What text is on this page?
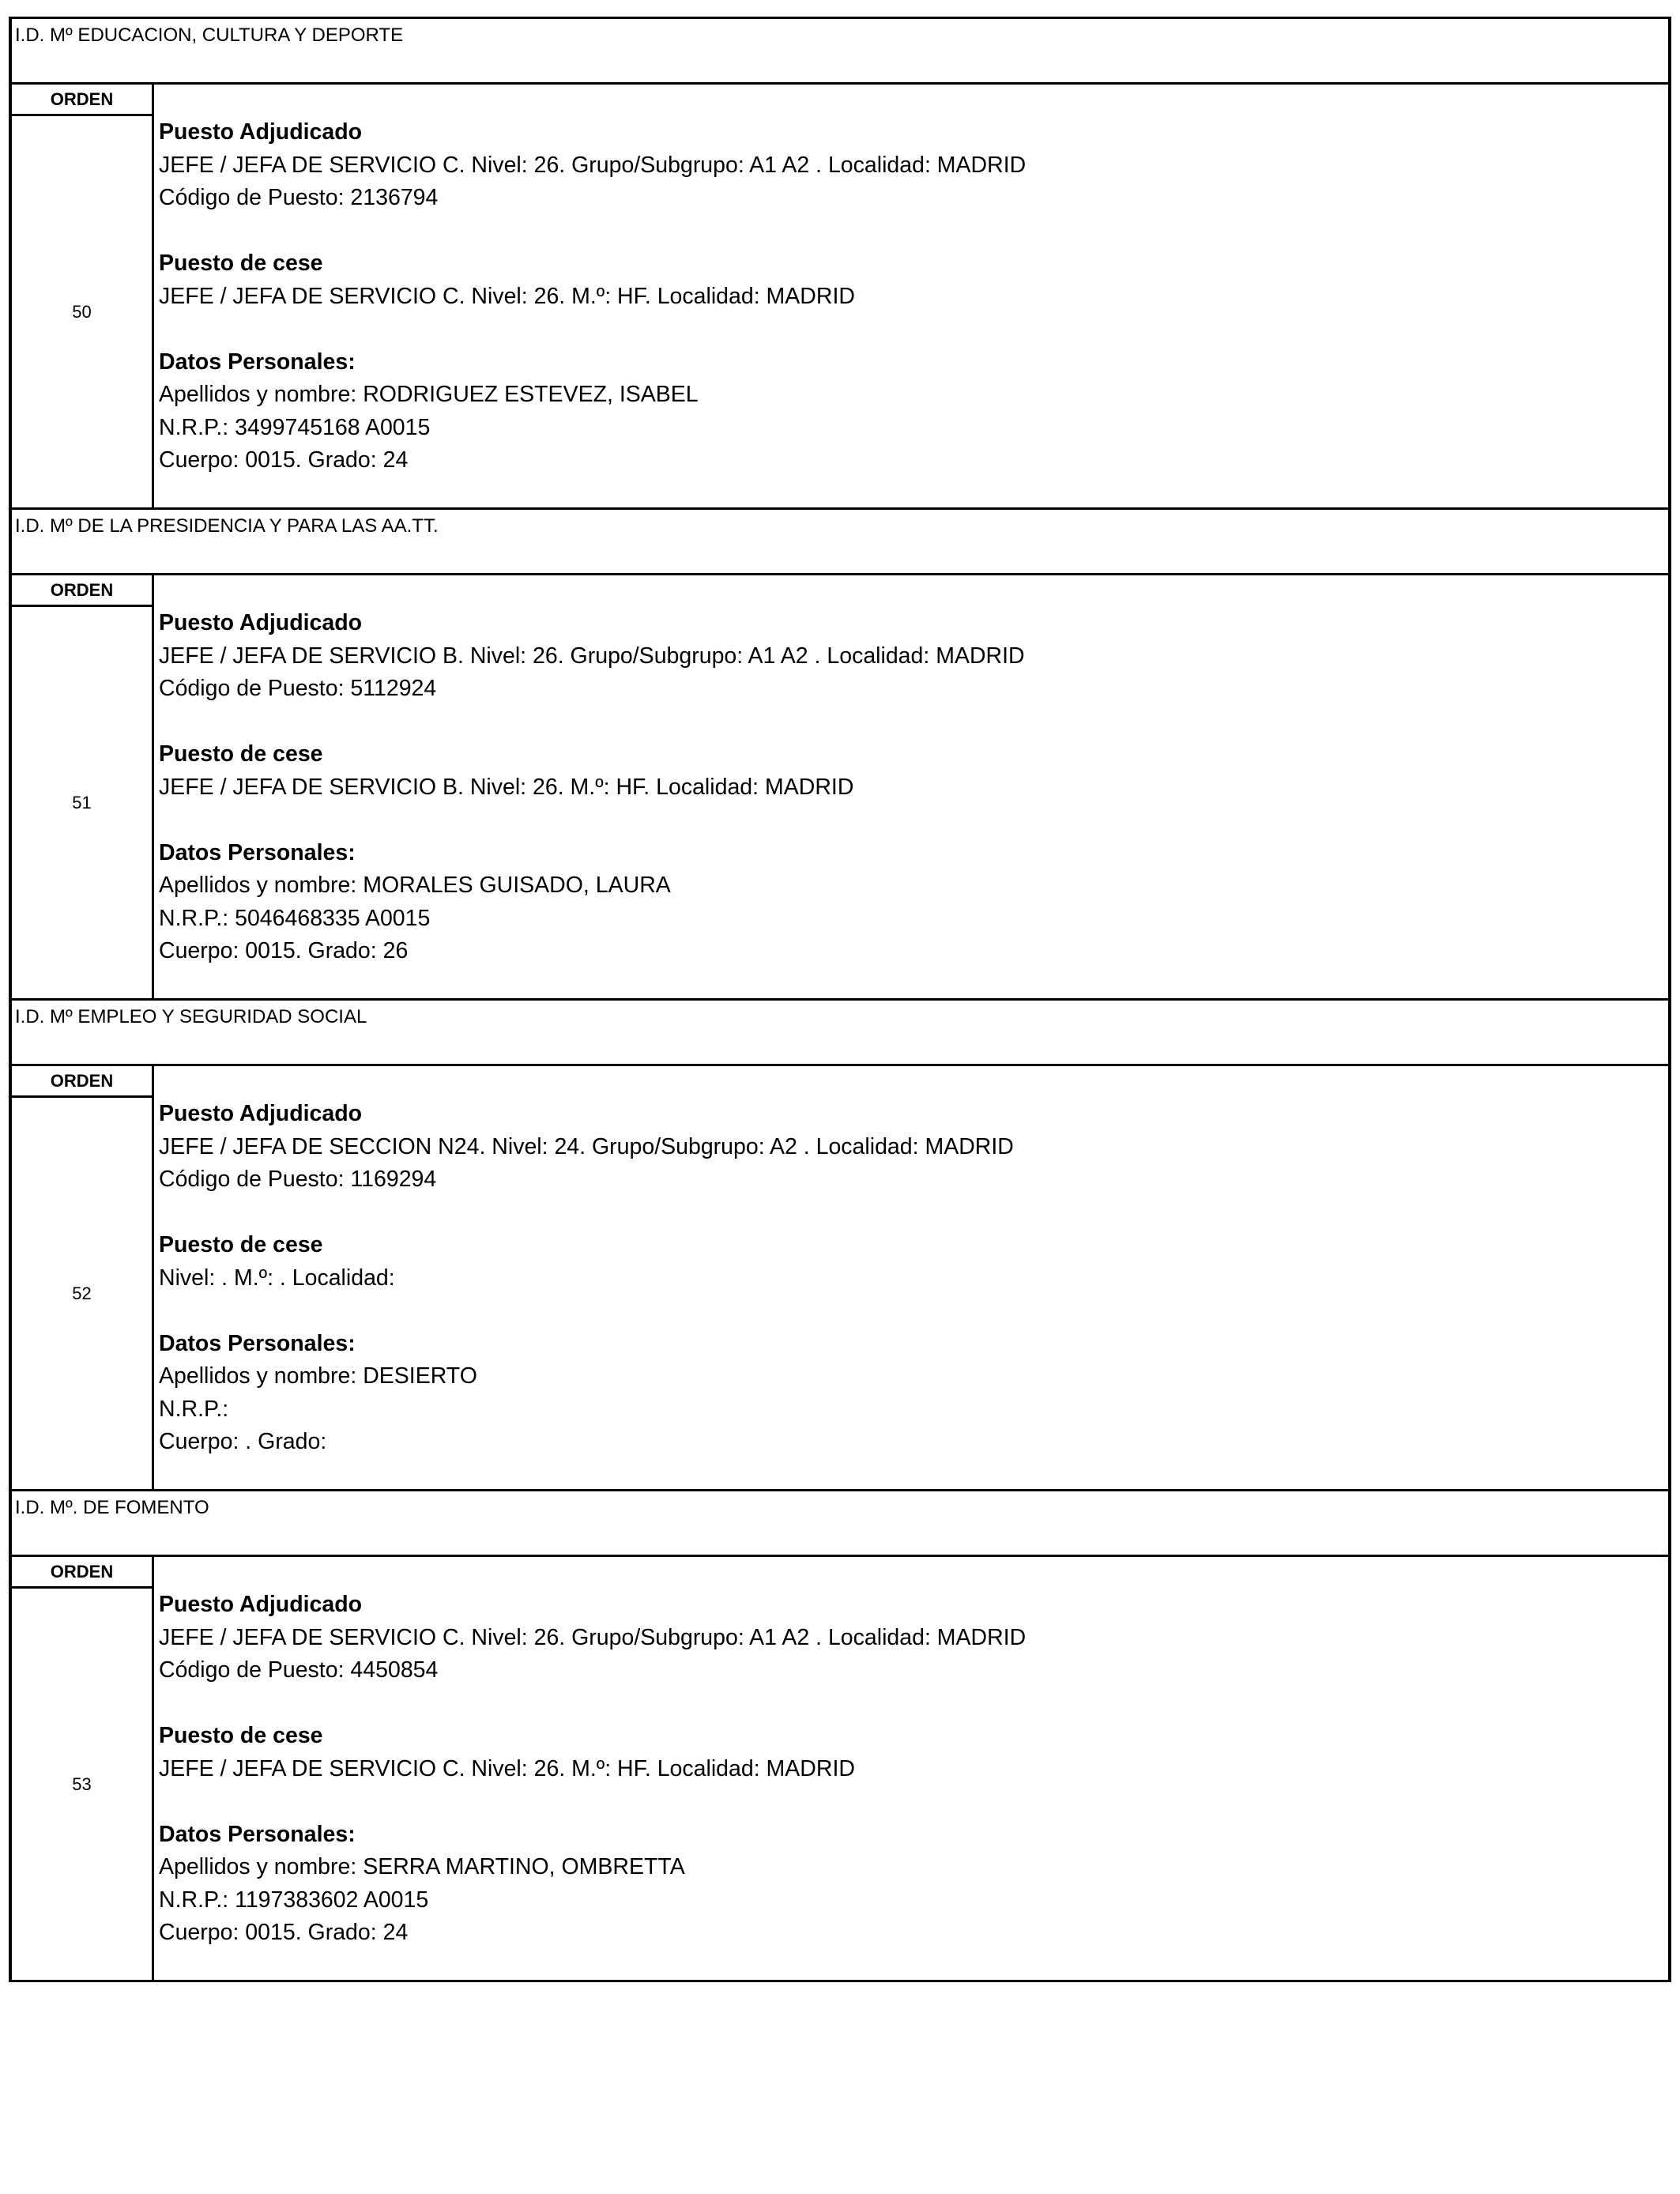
I.D. Mº EDUCACION, CULTURA Y DEPORTE
ORDEN
50
Puesto Adjudicado
JEFE / JEFA DE SERVICIO C. Nivel: 26. Grupo/Subgrupo: A1 A2 . Localidad: MADRID
Código de Puesto: 2136794
Puesto de cese
JEFE / JEFA DE SERVICIO C. Nivel: 26. M.º: HF. Localidad: MADRID
Datos Personales:
Apellidos y nombre: RODRIGUEZ ESTEVEZ, ISABEL
N.R.P.: 3499745168 A0015
Cuerpo: 0015. Grado: 24
I.D. Mº DE LA PRESIDENCIA Y PARA LAS AA.TT.
ORDEN
51
Puesto Adjudicado
JEFE / JEFA DE SERVICIO B. Nivel: 26. Grupo/Subgrupo: A1 A2 . Localidad: MADRID
Código de Puesto: 5112924
Puesto de cese
JEFE / JEFA DE SERVICIO B. Nivel: 26. M.º: HF. Localidad: MADRID
Datos Personales:
Apellidos y nombre: MORALES GUISADO, LAURA
N.R.P.: 5046468335 A0015
Cuerpo: 0015. Grado: 26
I.D. Mº EMPLEO Y SEGURIDAD SOCIAL
ORDEN
52
Puesto Adjudicado
JEFE / JEFA DE SECCION N24. Nivel: 24. Grupo/Subgrupo: A2 . Localidad: MADRID
Código de Puesto: 1169294
Puesto de cese
Nivel: . M.º: . Localidad:
Datos Personales:
Apellidos y nombre: DESIERTO
N.R.P.:
Cuerpo: . Grado:
I.D. Mº. DE FOMENTO
ORDEN
53
Puesto Adjudicado
JEFE / JEFA DE SERVICIO C. Nivel: 26. Grupo/Subgrupo: A1 A2 . Localidad: MADRID
Código de Puesto: 4450854
Puesto de cese
JEFE / JEFA DE SERVICIO C. Nivel: 26. M.º: HF. Localidad: MADRID
Datos Personales:
Apellidos y nombre: SERRA MARTINO, OMBRETTA
N.R.P.: 1197383602 A0015
Cuerpo: 0015. Grado: 24
